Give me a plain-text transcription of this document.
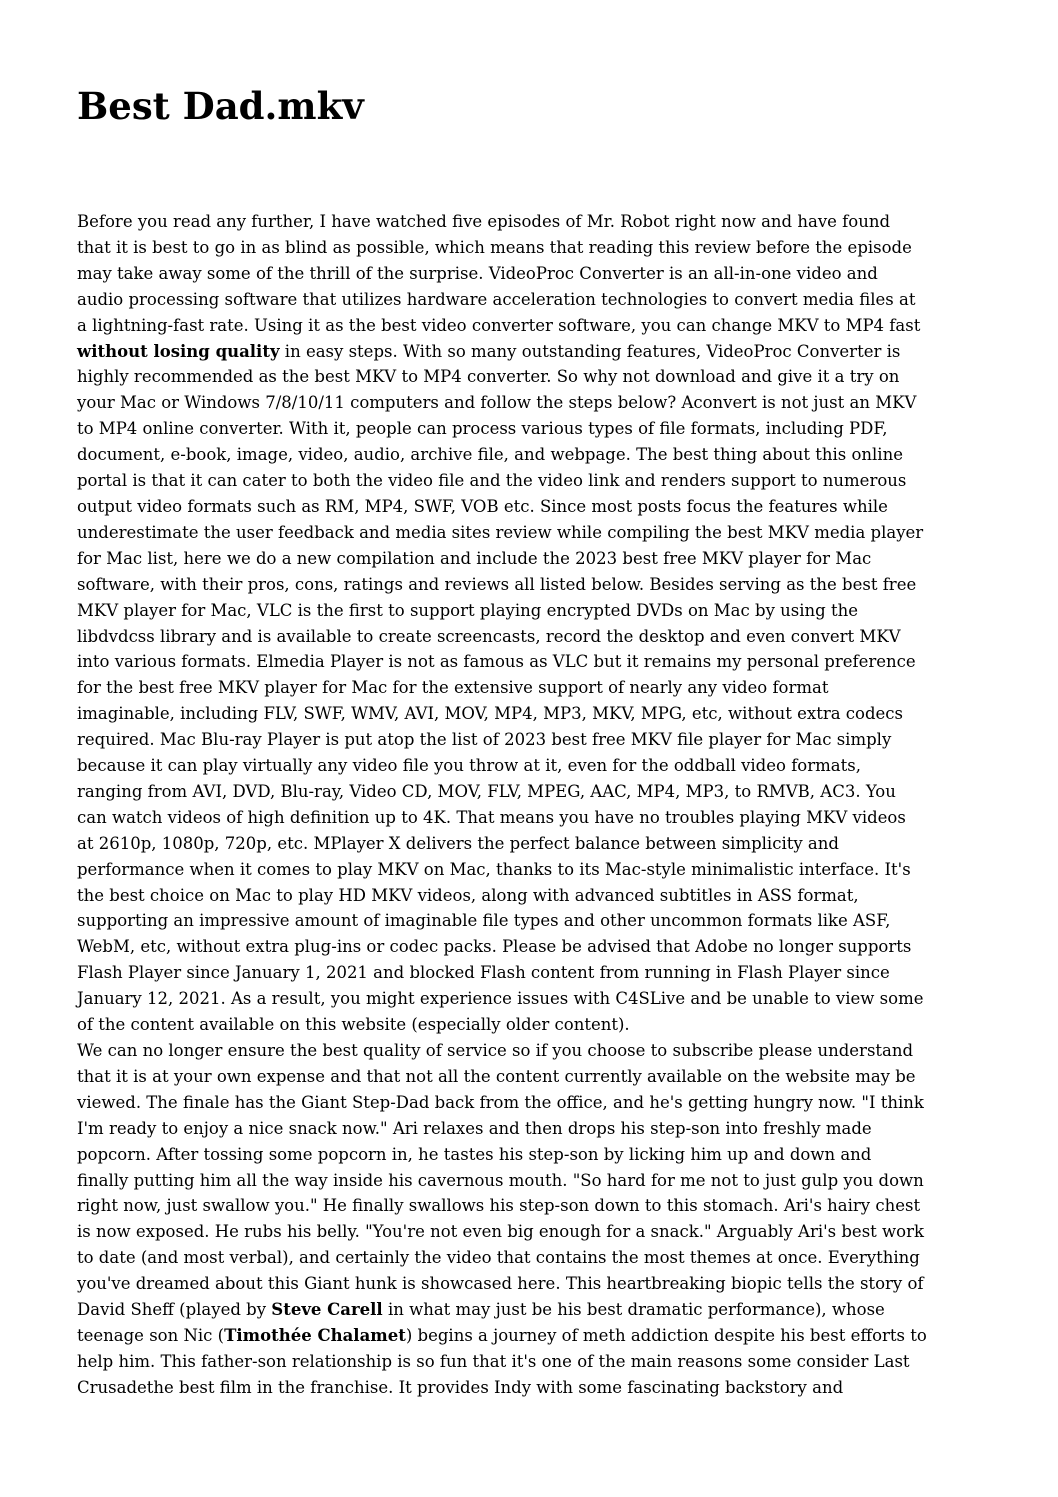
Best Dad.mkv

Before you read any further, I have watched five episodes of Mr. Robot right now and have found

that it is best to go in as blind as possible, which means that reading this review before the episode

may take away some of the thrill of the surprise. VideoProc Converter is an all-in-one video and

audio processing software that utilizes hardware acceleration technologies to convert media files at

a lightning-fast rate. Using it as the best video converter software, you can change MKV to MP4 fast

without losing quality in easy steps. With so many outstanding features, VideoProc Converter is

highly recommended as the best MKV to MP4 converter. So why not download and give it a try on

your Mac or Windows 7/8/10/11 computers and follow the steps below? Aconvert is not just an MKV

to MP4 online converter. With it, people can process various types of file formats, including PDF,

document, e-book, image, video, audio, archive file, and webpage. The best thing about this online

portal is that it can cater to both the video file and the video link and renders support to numerous

output video formats such as RM, MP4, SWF, VOB etc. Since most posts focus the features while

underestimate the user feedback and media sites review while compiling the best MKV media player

for Mac list, here we do a new compilation and include the 2023 best free MKV player for Mac

software, with their pros, cons, ratings and reviews all listed below. Besides serving as the best free

MKV player for Mac, VLC is the first to support playing encrypted DVDs on Mac by using the

libdvdcss library and is available to create screencasts, record the desktop and even convert MKV

into various formats. Elmedia Player is not as famous as VLC but it remains my personal preference

for the best free MKV player for Mac for the extensive support of nearly any video format

imaginable, including FLV, SWF, WMV, AVI, MOV, MP4, MP3, MKV, MPG, etc, without extra codecs

required. Mac Blu-ray Player is put atop the list of 2023 best free MKV file player for Mac simply

because it can play virtually any video file you throw at it, even for the oddball video formats,

ranging from AVI, DVD, Blu-ray, Video CD, MOV, FLV, MPEG, AAC, MP4, MP3, to RMVB, AC3. You

can watch videos of high definition up to 4K. That means you have no troubles playing MKV videos

at 2610p, 1080p, 720p, etc. MPlayer X delivers the perfect balance between simplicity and

performance when it comes to play MKV on Mac, thanks to its Mac-style minimalistic interface. It's

the best choice on Mac to play HD MKV videos, along with advanced subtitles in ASS format,

supporting an impressive amount of imaginable file types and other uncommon formats like ASF,

WebM, etc, without extra plug-ins or codec packs. Please be advised that Adobe no longer supports

Flash Player since January 1, 2021 and blocked Flash content from running in Flash Player since

January 12, 2021. As a result, you might experience issues with C4SLive and be unable to view some

of the content available on this website (especially older content).

We can no longer ensure the best quality of service so if you choose to subscribe please understand

that it is at your own expense and that not all the content currently available on the website may be

viewed. The finale has the Giant Step-Dad back from the office, and he's getting hungry now. "I think

I'm ready to enjoy a nice snack now." Ari relaxes and then drops his step-son into freshly made

popcorn. After tossing some popcorn in, he tastes his step-son by licking him up and down and

finally putting him all the way inside his cavernous mouth. "So hard for me not to just gulp you down

right now, just swallow you." He finally swallows his step-son down to this stomach. Ari's hairy chest

is now exposed. He rubs his belly. "You're not even big enough for a snack." Arguably Ari's best work

to date (and most verbal), and certainly the video that contains the most themes at once. Everything

you've dreamed about this Giant hunk is showcased here. This heartbreaking biopic tells the story of

David Sheff (played by Steve Carell in what may just be his best dramatic performance), whose

teenage son Nic (Timothée Chalamet) begins a journey of meth addiction despite his best efforts to

help him. This father-son relationship is so fun that it's one of the main reasons some consider Last

Crusadethe best film in the franchise. It provides Indy with some fascinating backstory and
